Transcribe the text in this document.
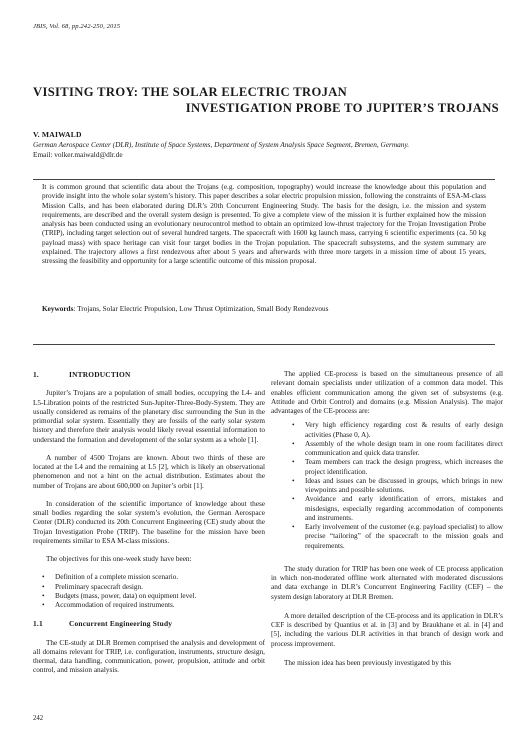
JBIS, Vol. 68, pp.242-250, 2015
VISITING TROY: THE SOLAR ELECTRIC TROJAN
INVESTIGATION PROBE TO JUPITER’S TROJANS
V. MAIWALD
German Aerospace Center (DLR), Institute of Space Systems, Department of System Analysis Space Segment, Bremen, Germany.
Email: volker.maiwald@dlr.de
It is common ground that scientific data about the Trojans (e.g. composition, topography) would increase the knowledge about this population and provide insight into the whole solar system’s history. This paper describes a solar electric propulsion mission, following the constraints of ESA-M-class Mission Calls, and has been elaborated during DLR’s 20th Concurrent Engineering Study. The basis for the design, i.e. the mission and system requirements, are described and the overall system design is presented. To give a complete view of the mission it is further explained how the mission analysis has been conducted using an evolutionary neurocontrol method to obtain an optimized low-thrust trajectory for the Trojan Investigation Probe (TRIP), including target selection out of several hundred targets. The spacecraft with 1600 kg launch mass, carrying 6 scientific experiments (ca. 50 kg payload mass) with space heritage can visit four target bodies in the Trojan population. The spacecraft subsystems, and the system summary are explained. The trajectory allows a first rendezvous after about 5 years and afterwards with three more targets in a mission time of about 15 years, stressing the feasibility and opportunity for a large scientific outcome of this mission proposal.
Keywords: Trojans, Solar Electric Propulsion, Low Thrust Optimization, Small Body Rendezvous
1.	INTRODUCTION

Jupiter’s Trojans are a population of small bodies, occupying the L4- and L5-Libration points of the restricted Sun-Jupiter-Three-Body-System. They are usually considered as remains of the planetary disc surrounding the Sun in the primordial solar system. Essentially they are fossils of the early solar system history and therefore their analysis would likely reveal essential information to understand the formation and development of the solar system as a whole [1].

A number of 4500 Trojans are known. About two thirds of these are located at the L4 and the remaining at L5 [2], which is likely an observational phenomenon and not a hint on the actual distribution. Estimates about the number of Trojans are about 600,000 on Jupiter’s orbit [1].

In consideration of the scientific importance of knowledge about these small bodies regarding the solar system’s evolution, the German Aerospace Center (DLR) conducted its 20th Concurrent Engineering (CE) study about the Trojan Investigation Probe (TRIP). The baseline for the mission have been requirements similar to ESA M-class missions.

The objectives for this one-week study have been:

• Definition of a complete mission scenario.
• Preliminary spacecraft design.
• Budgets (mass, power, data) on equipment level.
• Accommodation of required instruments.
1.1	Concurrent Engineering Study

The CE-study at DLR Bremen comprised the analysis and development of all domains relevant for TRIP, i.e. configuration, instruments, structure design, thermal, data handling, communication, power, propulsion, attitude and orbit control, and mission analysis.

The applied CE-process is based on the simultaneous presence of all relevant domain specialists under utilization of a common data model. This enables efficient communication among the given set of subsystems (e.g. Attitude and Orbit Control) and domains (e.g. Mission Analysis). The major advantages of the CE-process are:

• Very high efficiency regarding cost & results of early design activities (Phase 0, A).
• Assembly of the whole design team in one room facilitates direct communication and quick data transfer.
• Team members can track the design progress, which increases the project identification.
• Ideas and issues can be discussed in groups, which brings in new viewpoints and possible solutions.
• Avoidance and early identification of errors, mistakes and misdesigns, especially regarding accommodation of components and instruments.
• Early involvement of the customer (e.g. payload specialist) to allow precise “tailoring” of the spacecraft to the mission goals and requirements.

The study duration for TRIP has been one week of CE process application in which non-moderated offline work alternated with moderated discussions and data exchange in DLR’s Concurrent Engineering Facility (CEF) – the system design laboratory at DLR Bremen.

A more detailed description of the CE-process and its application in DLR’s CEF is described by Quantius et al. in [3] and by Braukhane et al. in [4] and [5], including the various DLR activities in that branch of design work and process improvement.

The mission idea has been previously investigated by this

242
